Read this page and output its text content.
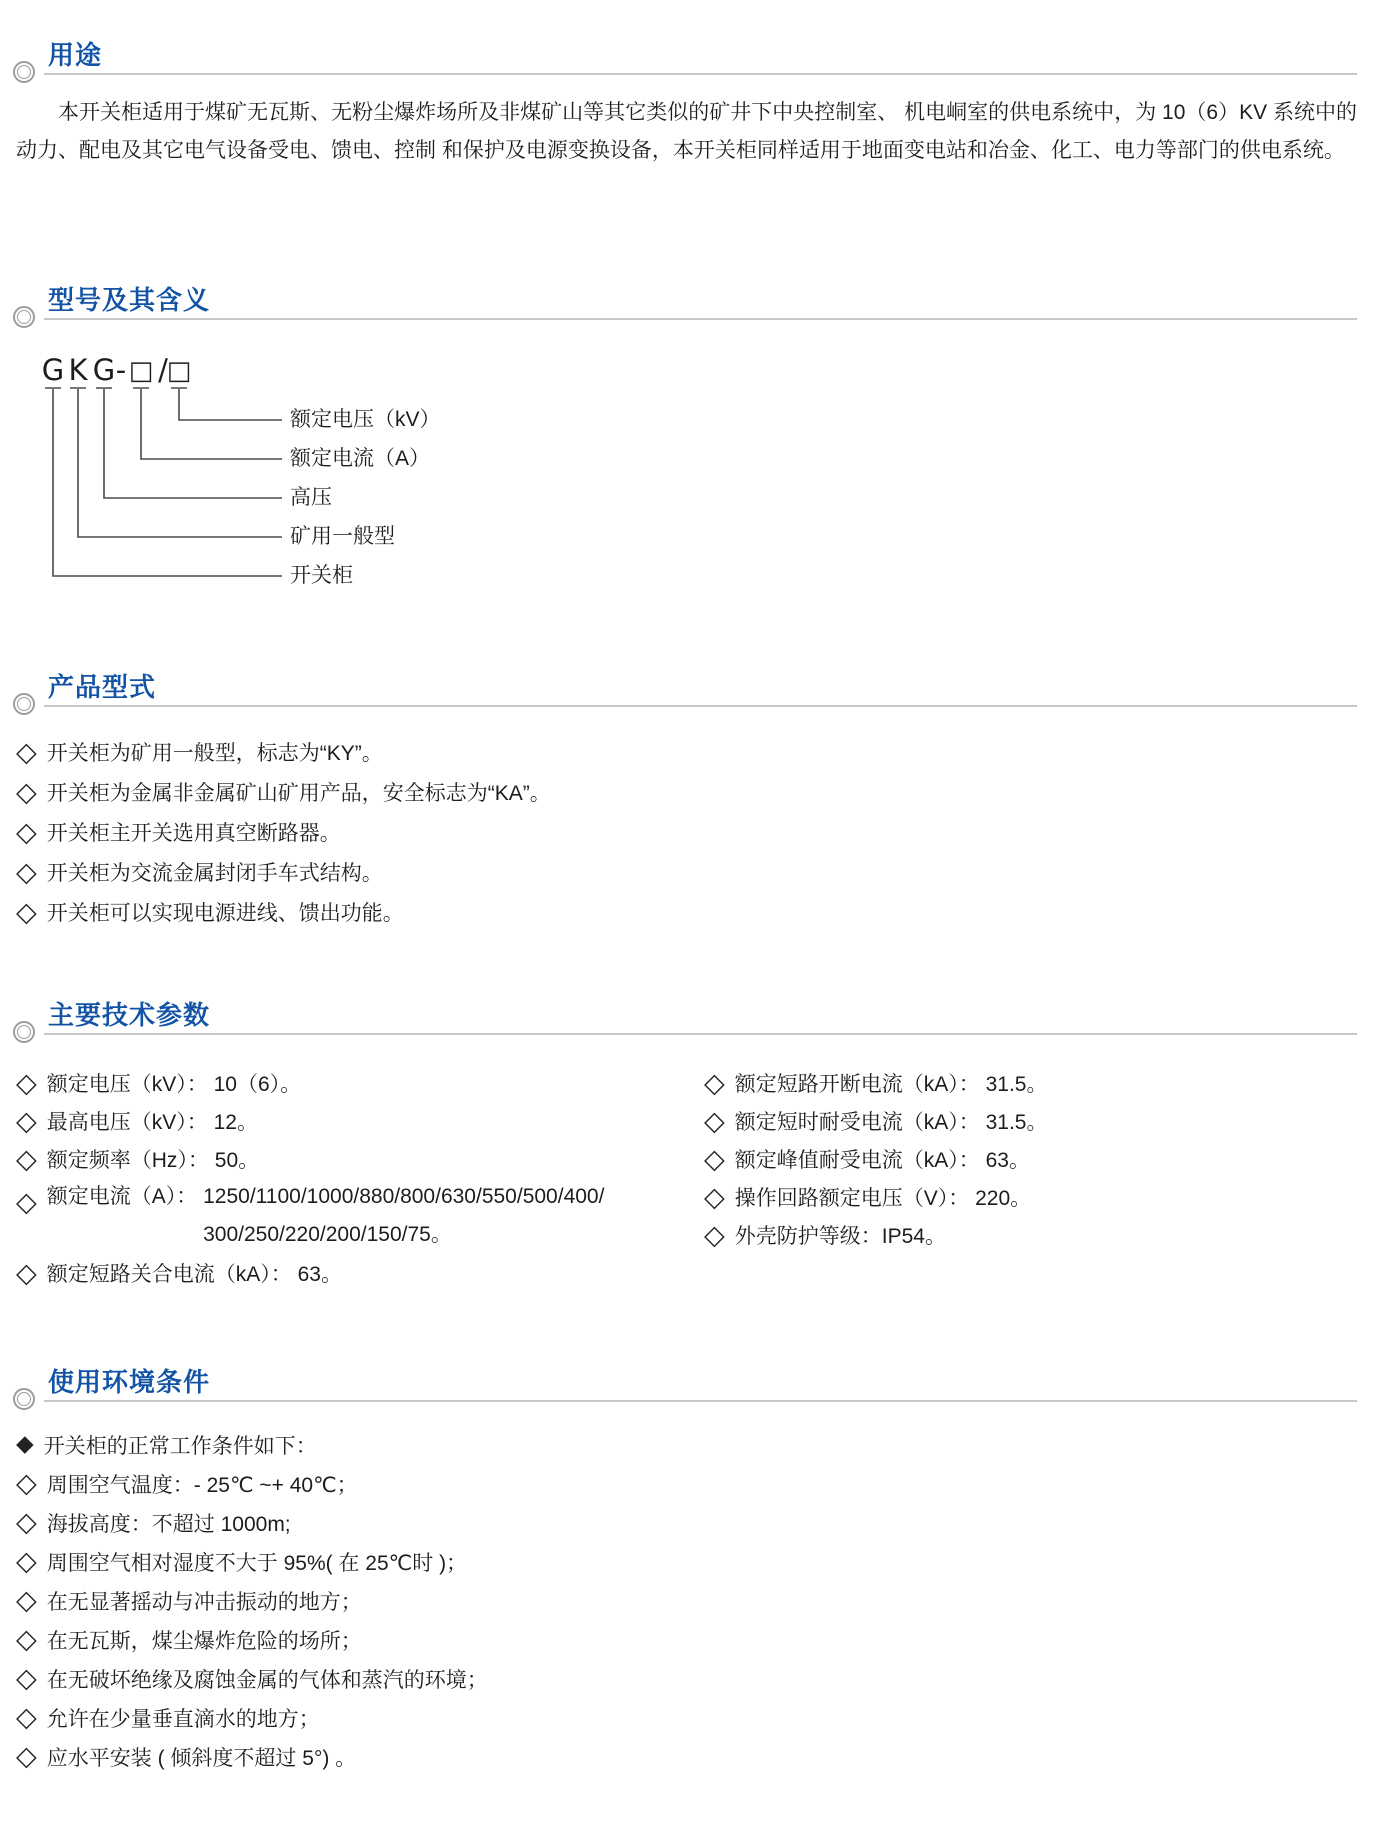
用途

本开关柜适用于煤矿无瓦斯、无粉尘爆炸场所及非煤矿山等其它类似的矿井下中央控制室、 机电峒室的供电系统中，为 10（6）KV 系统中的动力、配电及其它电气设备受电、馈电、控制 和保护及电源变换设备，本开关柜同样适用于地面变电站和冶金、化工、电力等部门的供电系统。

型号及其含义
G K G - □ /
□
额定电压（kV）
额定电流（A）
高压
矿用一般型
开关柜
产品型式
◇ 开关柜为矿用一般型，标志为“KY”。
◇ 开关柜为金属非金属矿山矿用产品，安全标志为“KA”。
◇ 开关柜主开关选用真空断路器。
◇ 开关柜为交流金属封闭手车式结构。
◇ 开关柜可以实现电源进线、馈出功能。
主要技术参数
◇ 额定电压（kV）： 10（6）。
◇ 最高电压（kV）： 12。
◇ 额定频率（Hz）： 50。
◇ 额定电流（A）： 1250/1100/1000/880/800/630/550/500/400/
300/250/220/200/150/75。
◇ 额定短路关合电流（kA）： 63。
◇ 额定短路开断电流（kA）： 31.5。
◇ 额定短时耐受电流（kA）： 31.5。
◇ 额定峰值耐受电流（kA）： 63。
◇ 操作回路额定电压（V）： 220。
◇ 外壳防护等级：IP54。
使用环境条件
◆ 开关柜的正常工作条件如下：
◇ 周围空气温度：- 25℃ ~+ 40℃；
◇ 海拔高度：不超过 1000m;
◇ 周围空气相对湿度不大于 95%( 在 25℃时 )；
◇ 在无显著摇动与冲击振动的地方；
◇ 在无瓦斯，煤尘爆炸危险的场所；
◇ 在无破坏绝缘及腐蚀金属的气体和蒸汽的环境；
◇ 允许在少量垂直滴水的地方；
◇ 应水平安装 ( 倾斜度不超过 5°) 。
